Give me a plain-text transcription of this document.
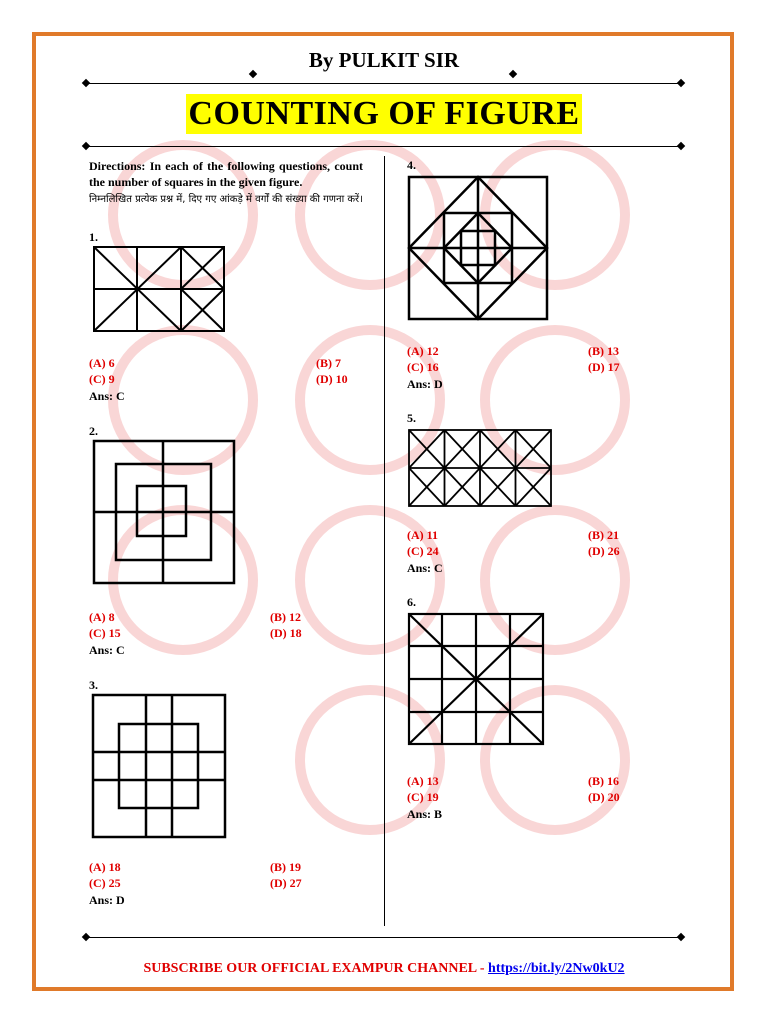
By PULKIT SIR
COUNTING OF FIGURE
Directions: In each of the following questions, count the number of squares in the given figure.
निम्नलिखित प्रत्येक प्रश्न में, दिए गए आंकड़े में वर्गों की संख्या की गणना करें।
1.
(A) 6	(B) 7
(C) 9	(D) 10
Ans: C
2.
(A) 8	(B) 12
(C) 15	(D) 18
Ans: C
3.
(A) 18	(B) 19
(C) 25	(D) 27
Ans: D
4.
(A) 12	(B) 13
(C) 16	(D) 17
Ans: D
5.
(A) 11	(B) 21
(C) 24	(D) 26
Ans: C
6.
(A) 13	(B) 16
(C) 19	(D) 20
Ans: B
SUBSCRIBE OUR OFFICIAL EXAMPUR CHANNEL - https://bit.ly/2Nw0kU2
